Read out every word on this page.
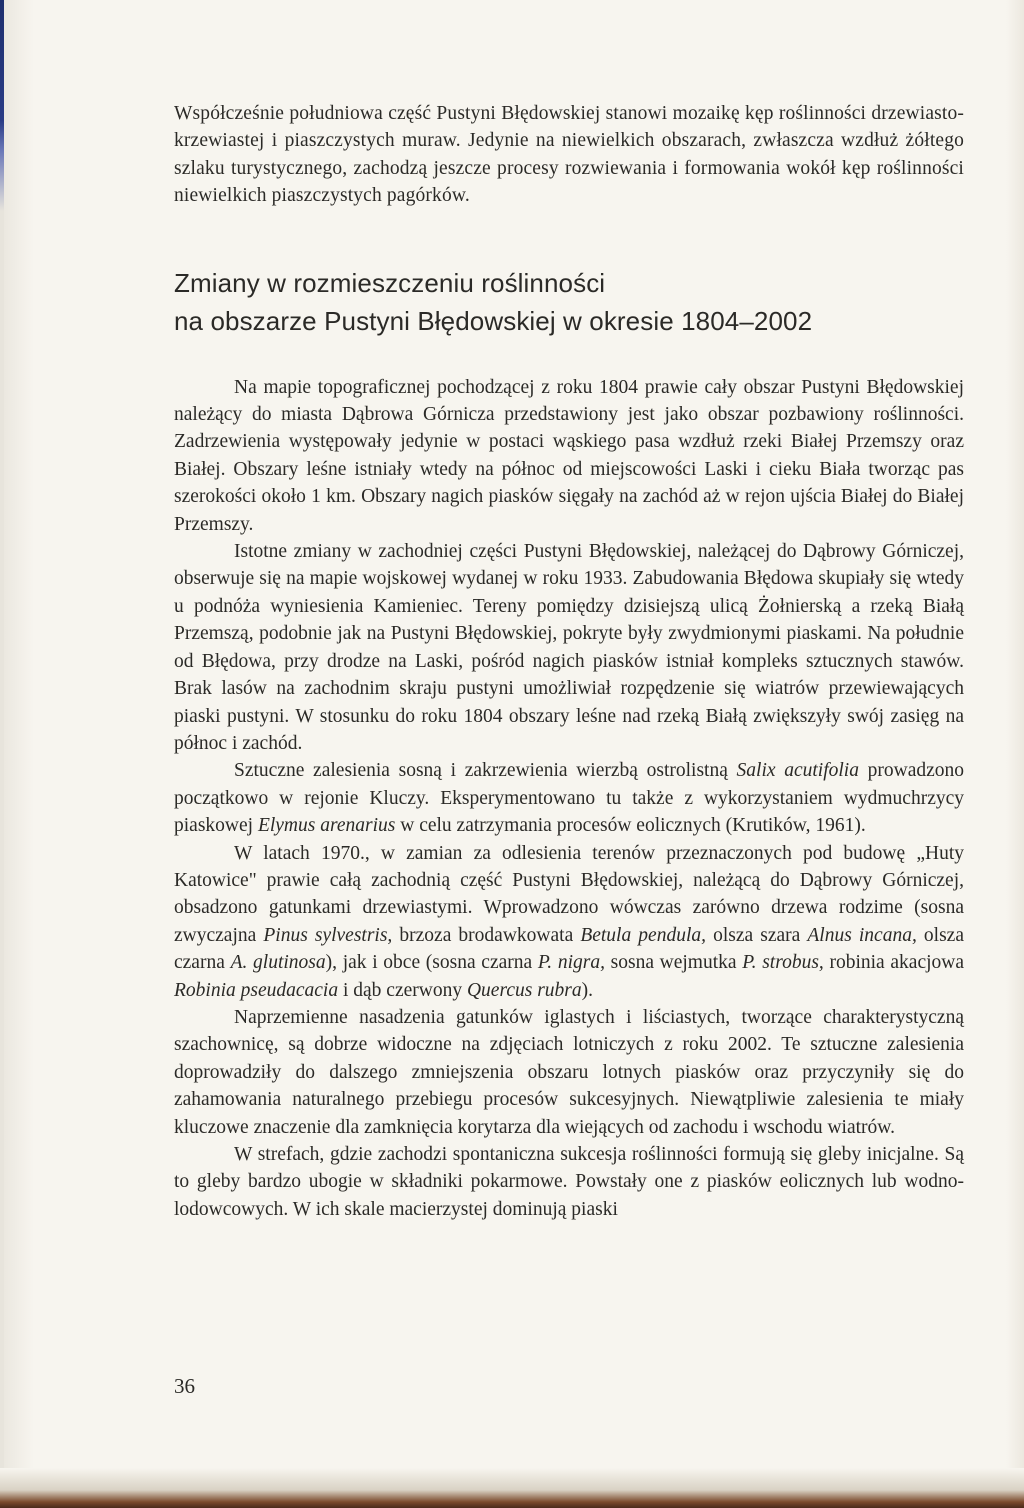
Współcześnie południowa część Pustyni Błędowskiej stanowi mozaikę kęp roślinności drzewiasto-krzewiastej i piaszczystych muraw. Jedynie na niewielkich obszarach, zwłaszcza wzdłuż żółtego szlaku turystycznego, zachodzą jeszcze procesy rozwiewania i formowania wokół kęp roślinności niewielkich piaszczystych pagórków.

Zmiany w rozmieszczeniu roślinności
na obszarze Pustyni Błędowskiej w okresie 1804–2002

Na mapie topograficznej pochodzącej z roku 1804 prawie cały obszar Pustyni Błędowskiej należący do miasta Dąbrowa Górnicza przedstawiony jest jako obszar pozbawiony roślinności. Zadrzewienia występowały jedynie w postaci wąskiego pasa wzdłuż rzeki Białej Przemszy oraz Białej. Obszary leśne istniały wtedy na północ od miejscowości Laski i cieku Biała tworząc pas szerokości około 1 km. Obszary nagich piasków sięgały na zachód aż w rejon ujścia Białej do Białej Przemszy.

Istotne zmiany w zachodniej części Pustyni Błędowskiej, należącej do Dąbrowy Górniczej, obserwuje się na mapie wojskowej wydanej w roku 1933. Zabudowania Błędowa skupiały się wtedy u podnóża wyniesienia Kamieniec. Tereny pomiędzy dzisiejszą ulicą Żołnierską a rzeką Białą Przemszą, podobnie jak na Pustyni Błędowskiej, pokryte były zwydmionymi piaskami. Na południe od Błędowa, przy drodze na Laski, pośród nagich piasków istniał kompleks sztucznych stawów. Brak lasów na zachodnim skraju pustyni umożliwiał rozpędzenie się wiatrów przewiewających piaski pustyni. W stosunku do roku 1804 obszary leśne nad rzeką Białą zwiększyły swój zasięg na północ i zachód.

Sztuczne zalesienia sosną i zakrzewienia wierzbą ostrolistną Salix acutifolia prowadzono początkowo w rejonie Kluczy. Eksperymentowano tu także z wykorzystaniem wydmuchrzycy piaskowej Elymus arenarius w celu zatrzymania procesów eolicznych (Krutików, 1961).

W latach 1970., w zamian za odlesienia terenów przeznaczonych pod budowę „Huty Katowice" prawie całą zachodnią część Pustyni Błędowskiej, należącą do Dąbrowy Górniczej, obsadzono gatunkami drzewiastymi. Wprowadzono wówczas zarówno drzewa rodzime (sosna zwyczajna Pinus sylvestris, brzoza brodawkowata Betula pendula, olsza szara Alnus incana, olsza czarna A. glutinosa), jak i obce (sosna czarna P. nigra, sosna wejmutka P. strobus, robinia akacjowa Robinia pseudacacia i dąb czerwony Quercus rubra).

Naprzemienne nasadzenia gatunków iglastych i liściastych, tworzące charakterystyczną szachownicę, są dobrze widoczne na zdjęciach lotniczych z roku 2002. Te sztuczne zalesienia doprowadziły do dalszego zmniejszenia obszaru lotnych piasków oraz przyczyniły się do zahamowania naturalnego przebiegu procesów sukcesyjnych. Niewątpliwie zalesienia te miały kluczowe znaczenie dla zamknięcia korytarza dla wiejących od zachodu i wschodu wiatrów.

W strefach, gdzie zachodzi spontaniczna sukcesja roślinności formują się gleby inicjalne. Są to gleby bardzo ubogie w składniki pokarmowe. Powstały one z piasków eolicznych lub wodno-lodowcowych. W ich skale macierzystej dominują piaski

36
